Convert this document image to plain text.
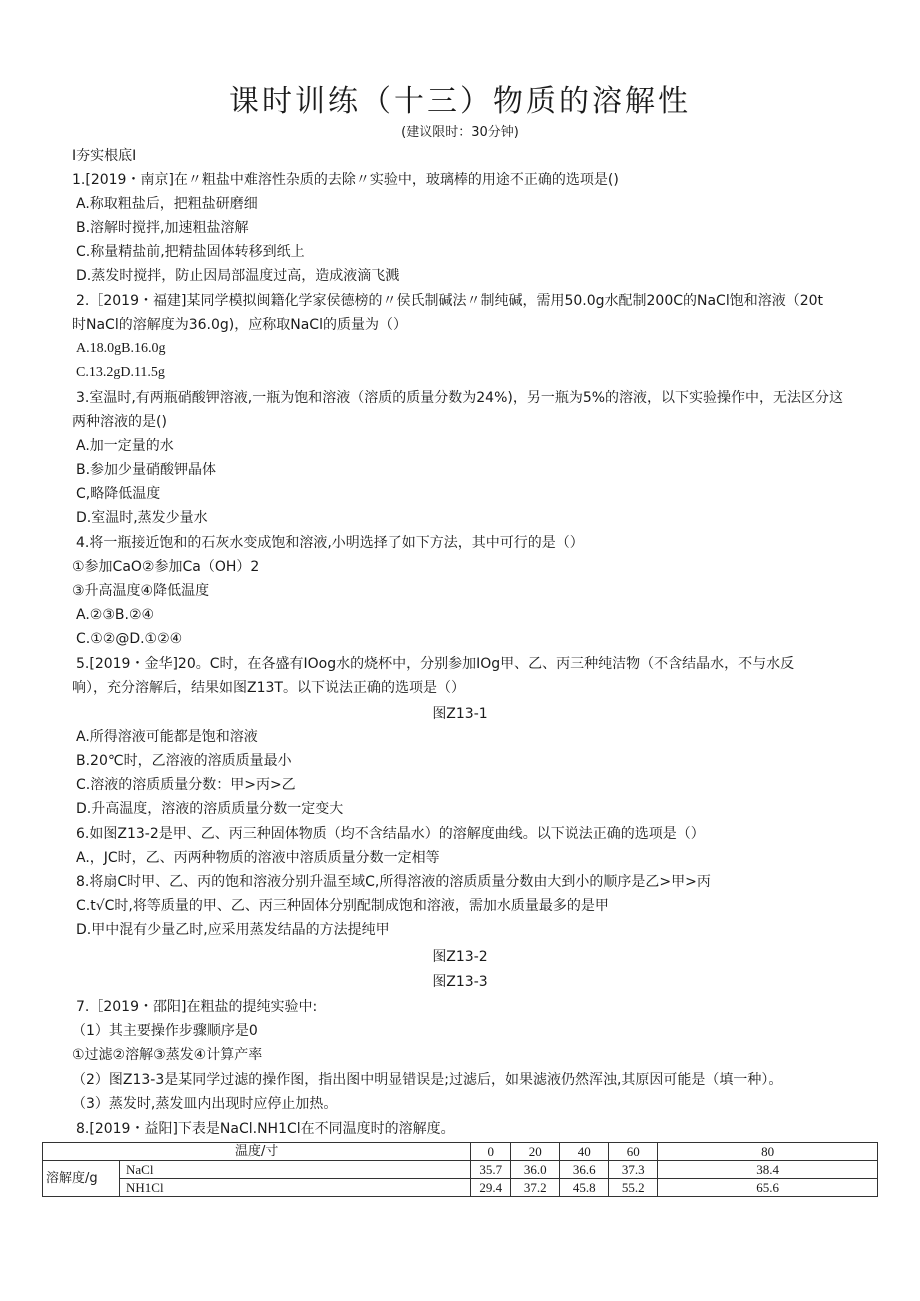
课时训练（十三）物质的溶解性
(建议限时：30分钟)
I夯实根底I
1.[2019・南京]在〃粗盐中难溶性杂质的去除〃实验中，玻璃棒的用途不正确的选项是()
A.称取粗盐后，把粗盐研磨细
B.溶解时搅拌,加速粗盐溶解
C.称量精盐前,把精盐固体转移到纸上
D.蒸发时搅拌，防止因局部温度过高，造成液滴飞溅
2.［2019・福建]某同学模拟闽籍化学家侯德榜的〃侯氏制碱法〃制纯碱，需用50.0g水配制200C的NaCl饱和溶液（20t
时NaCl的溶解度为36.0g)，应称取NaCl的质量为（）
A.18.0gB.16.0g
C.13.2gD.11.5g
3.室温时,有两瓶硝酸钾溶液,一瓶为饱和溶液（溶质的质量分数为24%)，另一瓶为5%的溶液，以下实验操作中，无法区分这
两种溶液的是()
A.加一定量的水
B.参加少量硝酸钾晶体
C,略降低温度
D.室温时,蒸发少量水
4.将一瓶接近饱和的石灰水变成饱和溶液,小明选择了如下方法，其中可行的是（）
①参加CaO②参加Ca（OH）2
③升高温度④降低温度
A.②③B.②④
C.①②@D.①②④
5.[2019・金华]20。C时，在各盛有IOog水的烧杯中，分别参加IOg甲、乙、丙三种纯洁物（不含结晶水，不与水反
响），充分溶解后，结果如图Z13T。以下说法正确的选项是（）
图Z13-1
A.所得溶液可能都是饱和溶液
B.20℃时，乙溶液的溶质质量最小
C.溶液的溶质质量分数：甲>丙>乙
D.升高温度，溶液的溶质质量分数一定变大
6.如图Z13-2是甲、乙、丙三种固体物质（均不含结晶水）的溶解度曲线。以下说法正确的选项是（）
A.，JC时，乙、丙两种物质的溶液中溶质质量分数一定相等
8.将扇C时甲、乙、丙的饱和溶液分别升温至域C,所得溶液的溶质质量分数由大到小的顺序是乙>甲>丙
C.t√C时,将等质量的甲、乙、丙三种固体分别配制成饱和溶液，需加水质量最多的是甲
D.甲中混有少量乙时,应采用蒸发结晶的方法提纯甲
图Z13-2
图Z13-3
7.［2019・邵阳]在粗盐的提纯实验中:
（1）其主要操作步骤顺序是0
①过滤②溶解③蒸发④计算产率
（2）图Z13-3是某同学过滤的操作图，指出图中明显错误是;过滤后，如果滤液仍然浑浊,其原因可能是（填一种）。
（3）蒸发时,蒸发皿内出现时应停止加热。
8.[2019・益阳]下表是NaCl.NH1Cl在不同温度时的溶解度。
温度/寸		0	20	40	60	80
溶解度/g	NaCl	35.7	36.0	36.6	37.3	38.4
	NH1Cl	29.4	37.2	45.8	55.2	65.6
